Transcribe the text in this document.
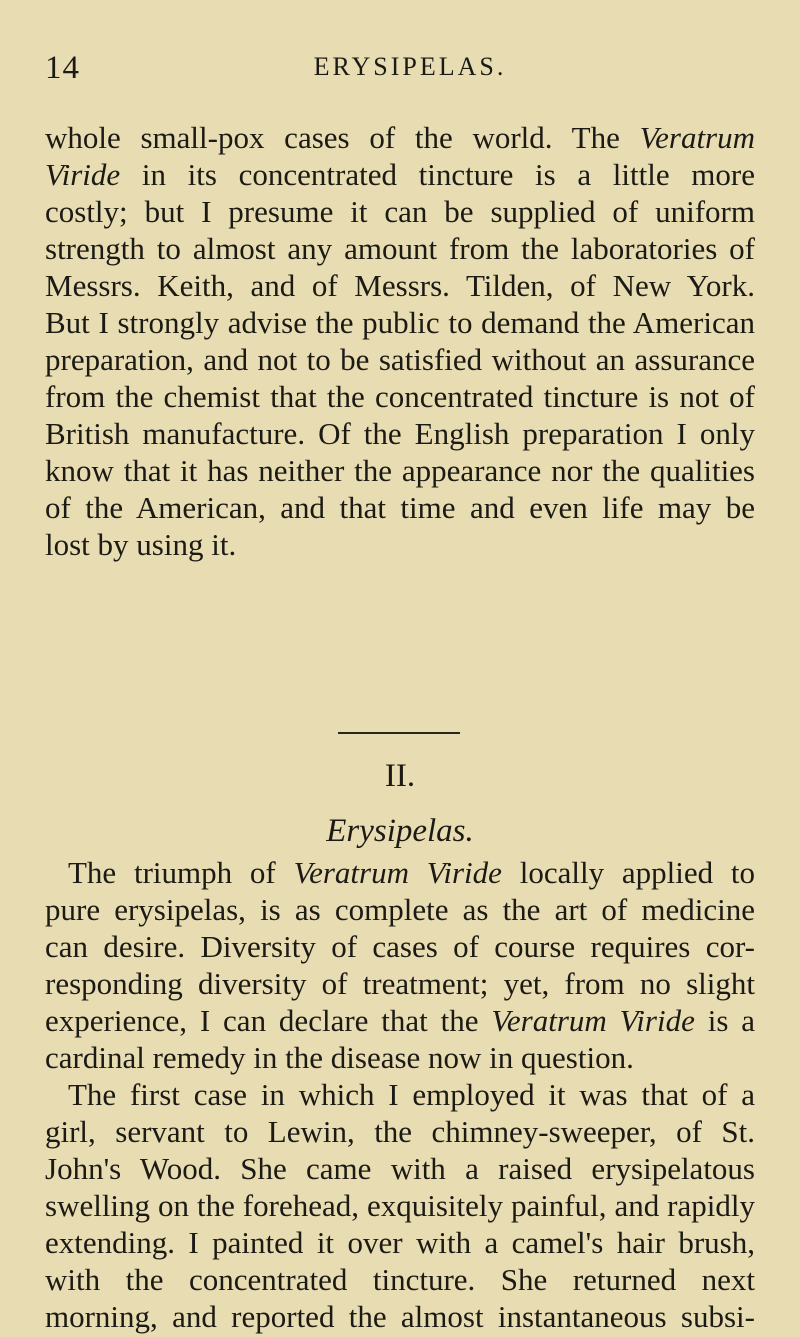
14	ERYSIPELAS.
whole small-pox cases of the world. The Veratrum
Viride in its concentrated tincture is a little more
costly; but I presume it can be supplied of uniform
strength to almost any amount from the laboratories of
Messrs. Keith, and of Messrs. Tilden, of New York.
But I strongly advise the public to demand the American
preparation, and not to be satisfied without an assurance
from the chemist that the concentrated tincture is not of
British manufacture. Of the English preparation I only
know that it has neither the appearance nor the qualities
of the American, and that time and even life may be
lost by using it.
II.
Erysipelas.
The triumph of Veratrum Viride locally applied to
pure erysipelas, is as complete as the art of medicine
can desire. Diversity of cases of course requires cor-
responding diversity of treatment; yet, from no slight
experience, I can declare that the Veratrum Viride is a
cardinal remedy in the disease now in question.
The first case in which I employed it was that of a
girl, servant to Lewin, the chimney-sweeper, of St.
John's Wood. She came with a raised erysipelatous
swelling on the forehead, exquisitely painful, and rapidly
extending. I painted it over with a camel's hair brush,
with the concentrated tincture. She returned next
morning, and reported the almost instantaneous subsi-
